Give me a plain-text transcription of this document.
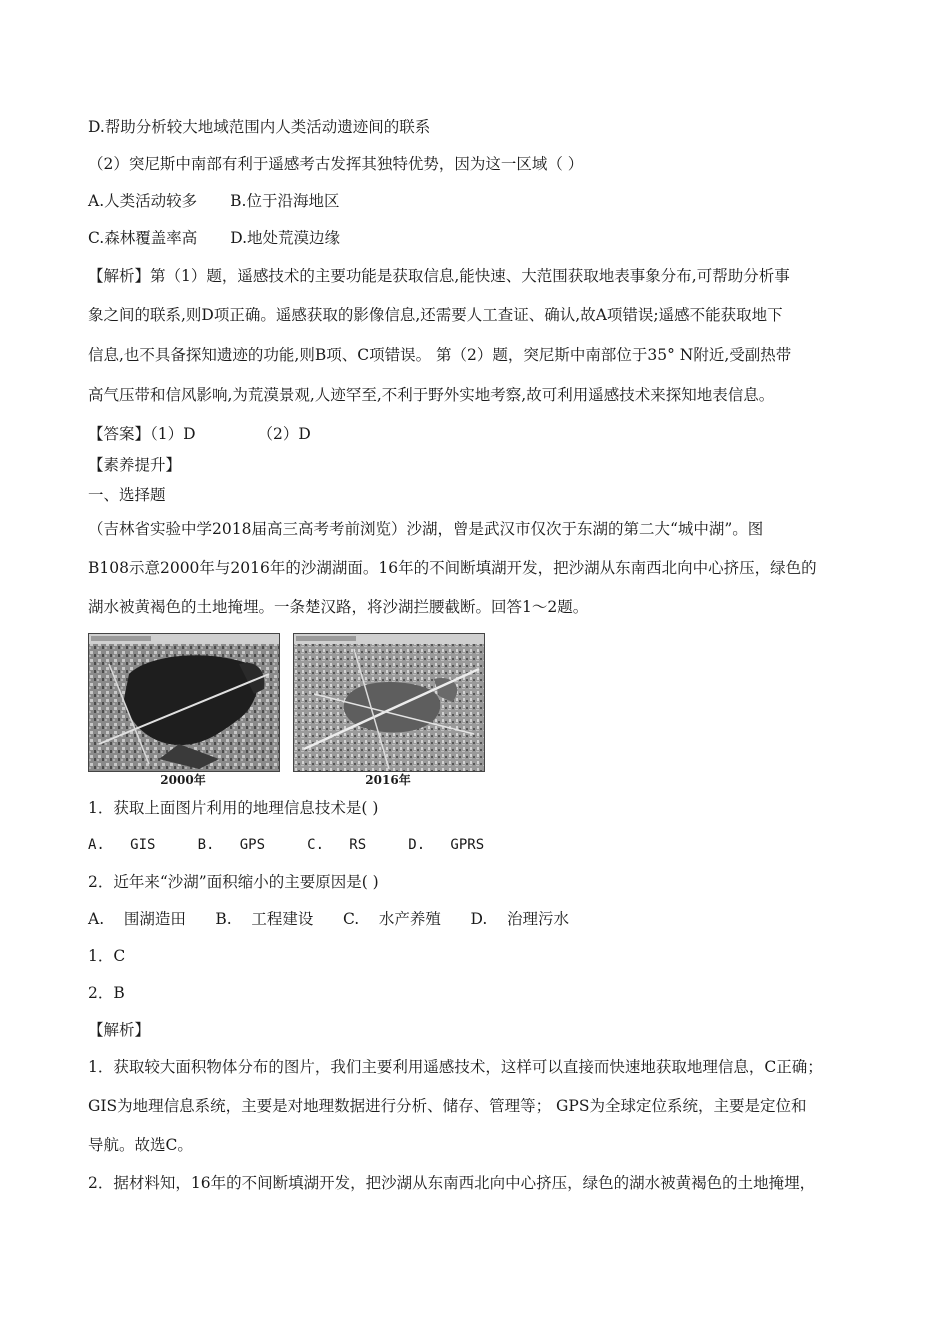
D.帮助分析较大地域范围内人类活动遗迹间的联系
（2）突尼斯中南部有利于遥感考古发挥其独特优势，因为这一区域（ ）
A.人类活动较多 B.位于沿海地区
C.森林覆盖率高 D.地处荒漠边缘
【解析】第（1）题，遥感技术的主要功能是获取信息,能快速、大范围获取地表事象分布,可帮助分析事
象之间的联系,则D项正确。遥感获取的影像信息,还需要人工查证、确认,故A项错误;遥感不能获取地下
信息,也不具备探知遗迹的功能,则B项、C项错误。 第（2）题，突尼斯中南部位于35° N附近,受副热带
高气压带和信风影响,为荒漠景观,人迹罕至,不利于野外实地考察,故可利用遥感技术来探知地表信息。
【答案】（1）D	（2）D
【素养提升】
一、选择题
（吉林省实验中学2018届高三高考考前浏览）沙湖，曾是武汉市仅次于东湖的第二大“城中湖”。图
B108示意2000年与2016年的沙湖湖面。16年的不间断填湖开发，把沙湖从东南西北向中心挤压，绿色的
湖水被黄褐色的土地掩埋。一条楚汉路，将沙湖拦腰截断。回答1～2题。
2000年	2016年
1．获取上面图片利用的地理信息技术是( )
A.   GIS     B.   GPS     C.   RS     D.   GPRS
2．近年来“沙湖”面积缩小的主要原因是( )
A.    围湖造田      B.    工程建设      C.    水产养殖      D.    治理污水
1．C
2．B
【解析】
1．获取较大面积物体分布的图片，我们主要利用遥感技术，这样可以直接而快速地获取地理信息，C正确；
GIS为地理信息系统，主要是对地理数据进行分析、储存、管理等； GPS为全球定位系统，主要是定位和
导航。故选C。
2．据材料知，16年的不间断填湖开发，把沙湖从东南西北向中心挤压，绿色的湖水被黄褐色的土地掩埋，
